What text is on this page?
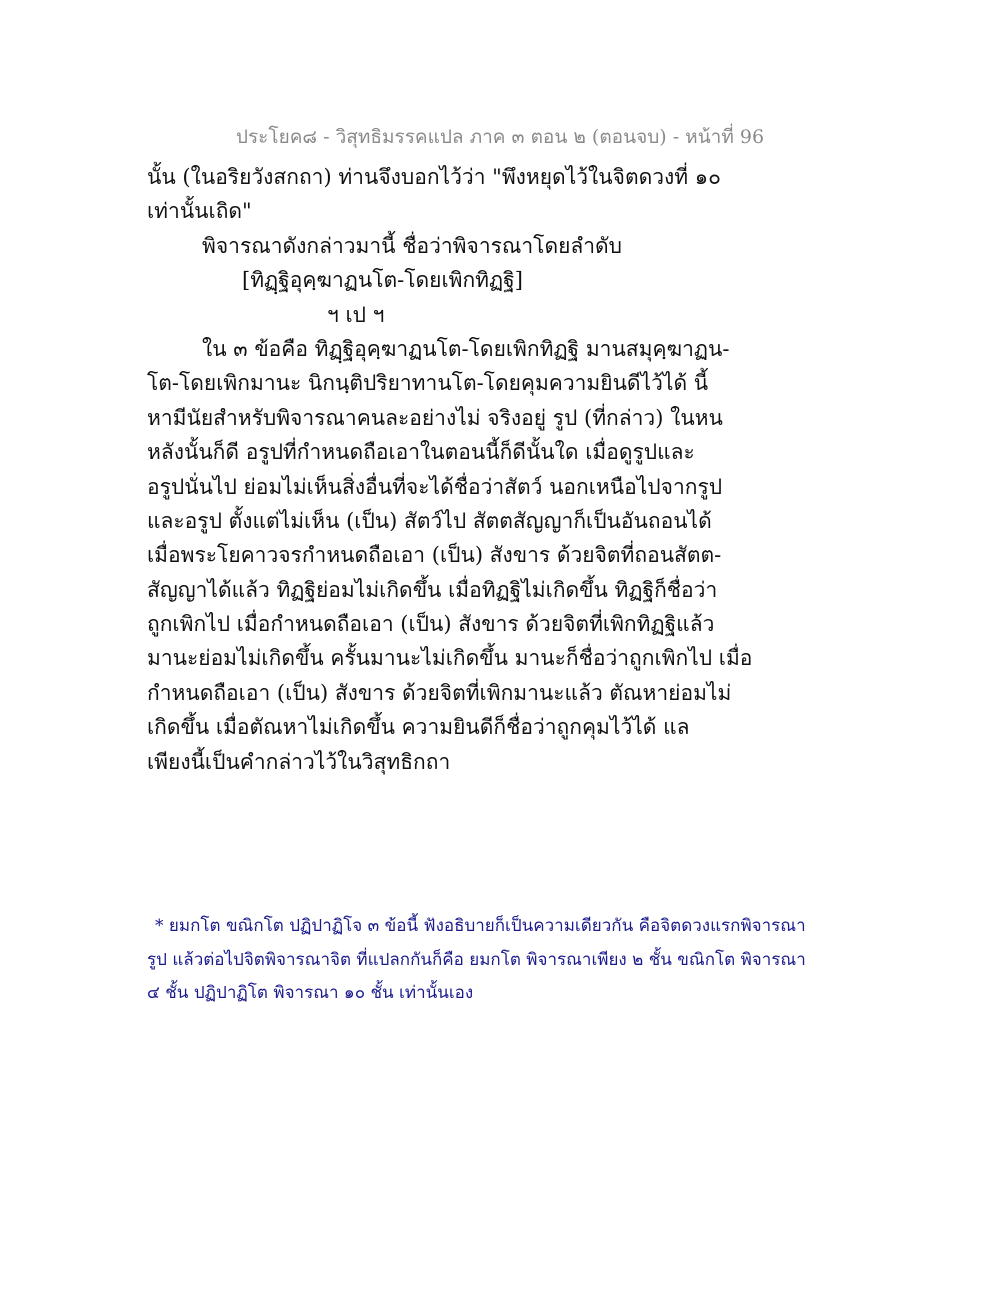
ประโยค๘ - วิสุทธิมรรคแปล ภาค ๓ ตอน ๒ (ตอนจบ) - หน้าที่ 96
นั้น (ในอริยวังสกถา) ท่านจึงบอกไว้ว่า "พึงหยุดไว้ในจิตดวงที่ ๑๐
เท่านั้นเถิด"
พิจารณาดังกล่าวมานี้ ชื่อว่าพิจารณาโดยลำดับ
[ทิฏฺฐิอุคฺฆาฏนโต-โดยเพิกทิฏฐิ]
ฯ เป ฯ
ใน ๓ ข้อคือ ทิฏฺฐิอุคฺฆาฏนโต-โดยเพิกทิฏฐิ มานสมุคฺฆาฏน-
โต-โดยเพิกมานะ นิกนฺติปริยาทานโต-โดยคุมความยินดีไว้ได้ นี้
หามีนัยสำหรับพิจารณาคนละอย่างไม่ จริงอยู่ รูป (ที่กล่าว) ในหน
หลังนั้นก็ดี อรูปที่กำหนดถือเอาในตอนนี้ก็ดีนั้นใด เมื่อดูรูปและ
อรูปนั่นไป ย่อมไม่เห็นสิ่งอื่นที่จะได้ชื่อว่าสัตว์ นอกเหนือไปจากรูป
และอรูป ตั้งแต่ไม่เห็น (เป็น) สัตว์ไป สัตตสัญญาก็เป็นอันถอนได้
เมื่อพระโยคาวจรกำหนดถือเอา (เป็น) สังขาร ด้วยจิตที่ถอนสัตต-
สัญญาได้แล้ว ทิฏฐิย่อมไม่เกิดขึ้น เมื่อทิฏฐิไม่เกิดขึ้น ทิฏฐิก็ชื่อว่า
ถูกเพิกไป เมื่อกำหนดถือเอา (เป็น) สังขาร ด้วยจิตที่เพิกทิฏฐิแล้ว
มานะย่อมไม่เกิดขึ้น ครั้นมานะไม่เกิดขึ้น มานะก็ชื่อว่าถูกเพิกไป เมื่อ
กำหนดถือเอา (เป็น) สังขาร ด้วยจิตที่เพิกมานะแล้ว ตัณหาย่อมไม่
เกิดขึ้น เมื่อตัณหาไม่เกิดขึ้น ความยินดีก็ชื่อว่าถูกคุมไว้ได้ แล
เพียงนี้เป็นคำกล่าวไว้ในวิสุทธิกถา
* ยมกโต ขณิกโต ปฏิปาฏิโจ ๓ ข้อนี้ ฟังอธิบายก็เป็นความเดียวกัน คือจิตดวงแรกพิจารณา
รูป แล้วต่อไปจิตพิจารณาจิต ที่แปลกกันก็คือ ยมกโต พิจารณาเพียง ๒ ชั้น ขณิกโต พิจารณา
๔ ชั้น ปฏิปาฏิโต พิจารณา ๑๐ ชั้น เท่านั้นเอง
